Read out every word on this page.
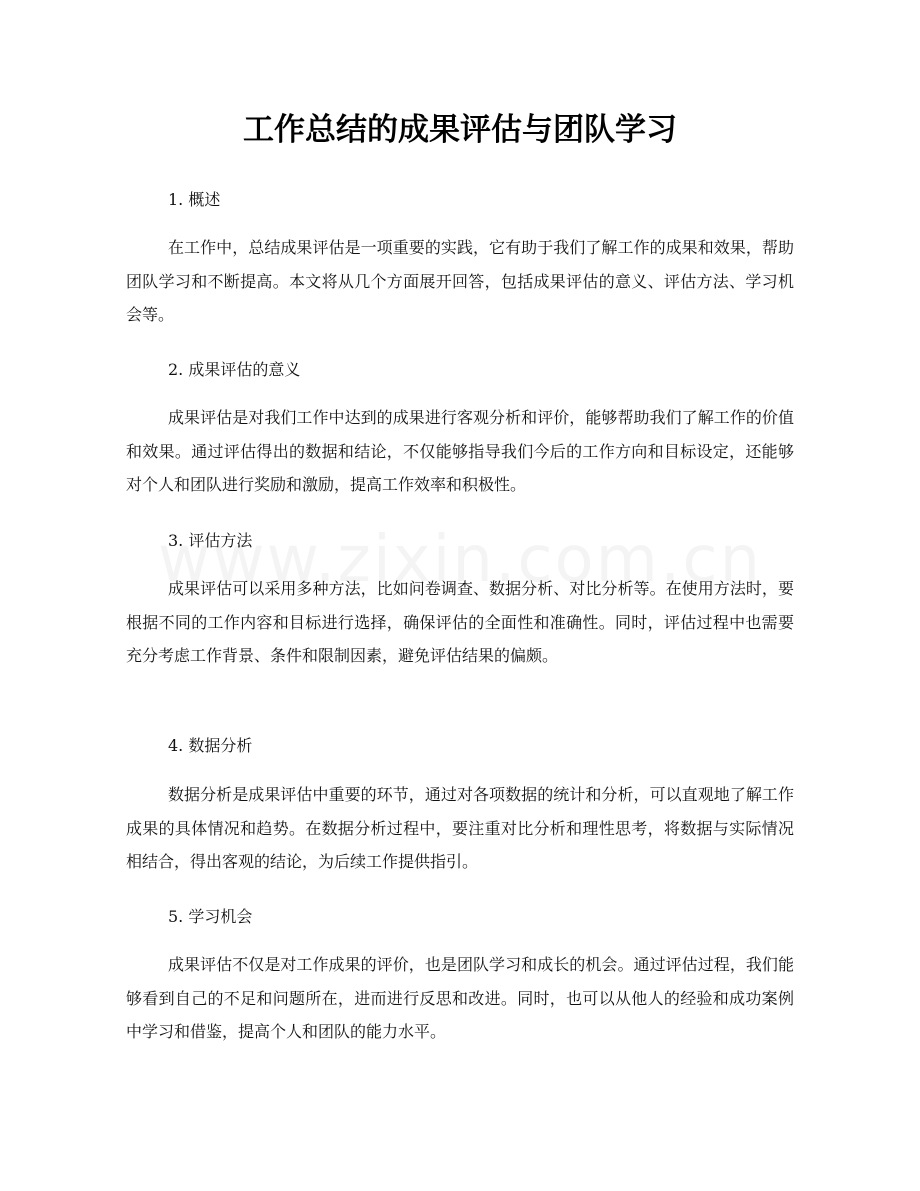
工作总结的成果评估与团队学习

1. 概述

在工作中，总结成果评估是一项重要的实践，它有助于我们了解工作的成果和效果，帮助团队学习和不断提高。本文将从几个方面展开回答，包括成果评估的意义、评估方法、学习机会等。

2. 成果评估的意义

成果评估是对我们工作中达到的成果进行客观分析和评价，能够帮助我们了解工作的价值和效果。通过评估得出的数据和结论，不仅能够指导我们今后的工作方向和目标设定，还能够对个人和团队进行奖励和激励，提高工作效率和积极性。

3. 评估方法

成果评估可以采用多种方法，比如问卷调查、数据分析、对比分析等。在使用方法时，要根据不同的工作内容和目标进行选择，确保评估的全面性和准确性。同时，评估过程中也需要充分考虑工作背景、条件和限制因素，避免评估结果的偏颇。

4. 数据分析

数据分析是成果评估中重要的环节，通过对各项数据的统计和分析，可以直观地了解工作成果的具体情况和趋势。在数据分析过程中，要注重对比分析和理性思考，将数据与实际情况相结合，得出客观的结论，为后续工作提供指引。

5. 学习机会

成果评估不仅是对工作成果的评价，也是团队学习和成长的机会。通过评估过程，我们能够看到自己的不足和问题所在，进而进行反思和改进。同时，也可以从他人的经验和成功案例中学习和借鉴，提高个人和团队的能力水平。
